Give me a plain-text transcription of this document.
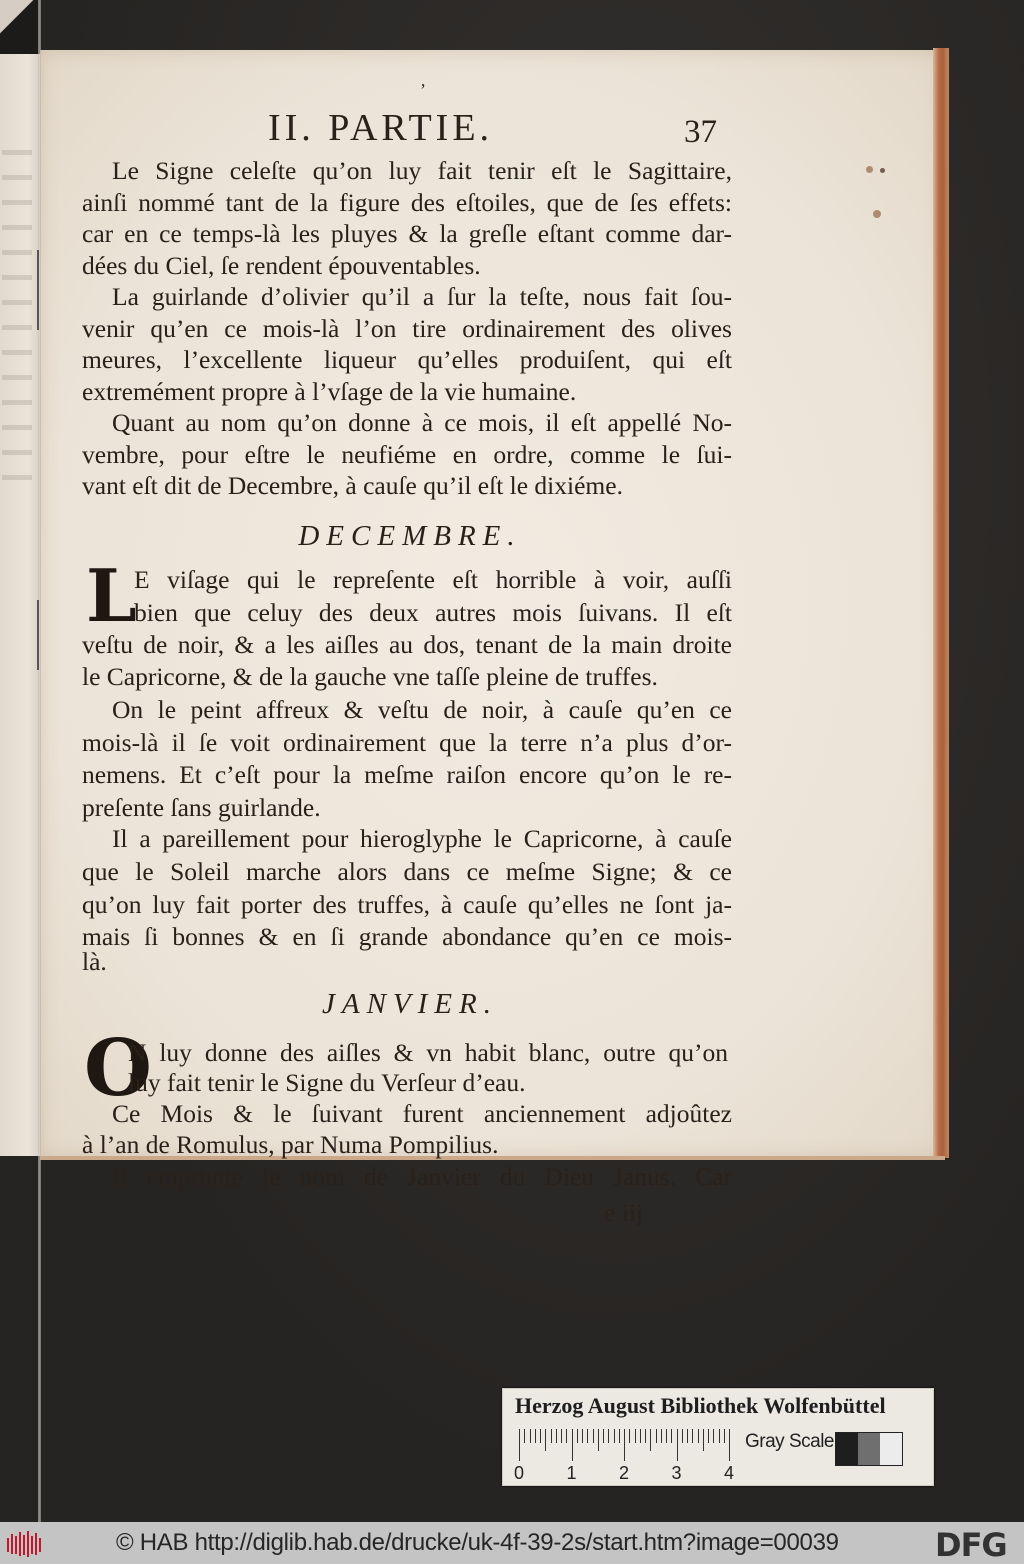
’
II. PARTIE.	37
Le Signe celeſte qu’on luy fait tenir eſt le Sagittaire,
ainſi nommé tant de la figure des eſtoiles, que de ſes effets:
car en ce temps-là les pluyes & la greſle eſtant comme dar-
dées du Ciel, ſe rendent épouventables.
La guirlande d’olivier qu’il a ſur la teſte, nous fait ſou-
venir qu’en ce mois-là l’on tire ordinairement des olives
meures, l’excellente liqueur qu’elles produiſent, qui eſt
extremément propre à l’vſage de la vie humaine.
Quant au nom qu’on donne à ce mois, il eſt appellé No-
vembre, pour eſtre le neufiéme en ordre, comme le ſui-
vant eſt dit de Decembre, à cauſe qu’il eſt le dixiéme.
DECEMBRE.
L
E viſage qui le repreſente eſt horrible à voir, auſſi
bien que celuy des deux autres mois ſuivans. Il eſt
veſtu de noir, & a les aiſles au dos, tenant de la main droite
le Capricorne, & de la gauche vne taſſe pleine de truffes.
On le peint affreux & veſtu de noir, à cauſe qu’en ce
mois-là il ſe voit ordinairement que la terre n’a plus d’or-
nemens. Et c’eſt pour la meſme raiſon encore qu’on le re-
preſente ſans guirlande.
Il a pareillement pour hieroglyphe le Capricorne, à cauſe
que le Soleil marche alors dans ce meſme Signe; & ce
qu’on luy fait porter des truffes, à cauſe qu’elles ne ſont ja-
mais ſi bonnes & en ſi grande abondance qu’en ce mois-
là.
JANVIER.
O
N luy donne des aiſles & vn habit blanc, outre qu’on
luy fait tenir le Signe du Verſeur d’eau.
Ce Mois & le ſuivant furent anciennement adjoûtez
à l’an de Romulus, par Numa Pompilius.
Il emprunte le nom de Janvier du Dieu Janus. Car
e iij
Herzog August Bibliothek Wolfenbüttel
0 1 2 3 4
Gray Scale
© HAB http://diglib.hab.de/drucke/uk-4f-39-2s/start.htm?image=00039	DFG
